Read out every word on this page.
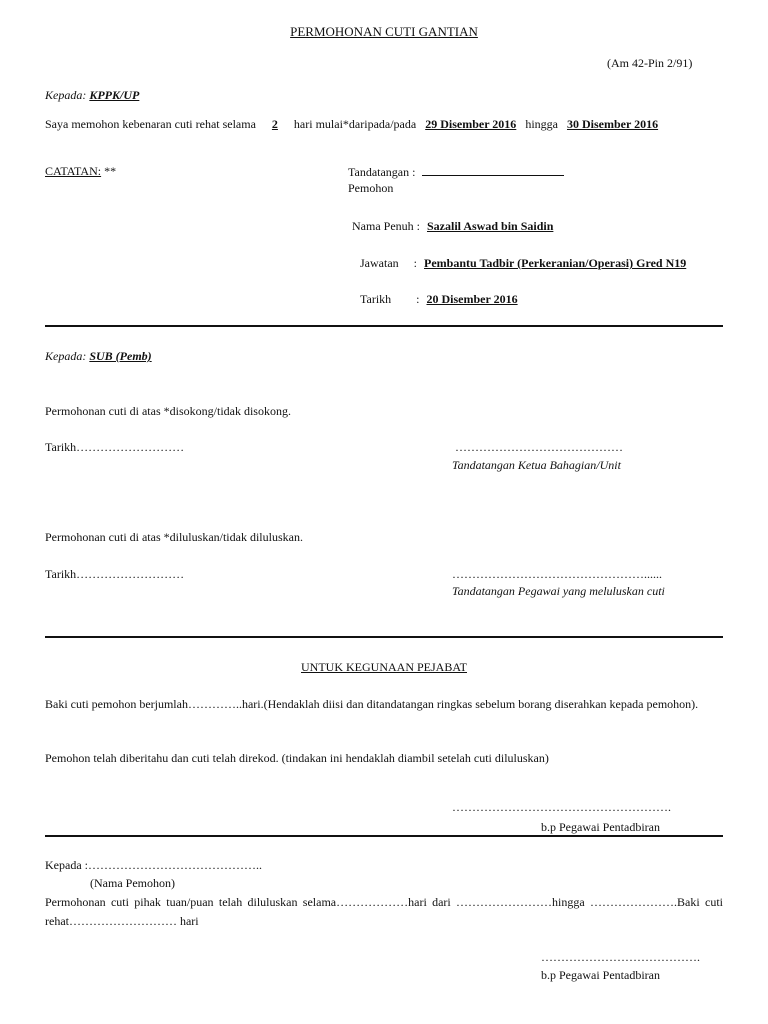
PERMOHONAN CUTI GANTIAN
(Am 42-Pin 2/91)
Kepada: KPPK/UP
Saya memohon kebenaran cuti rehat selama 2 hari mulai*daripada/pada 29 Disember 2016 hingga 30 Disember 2016
CATATAN: **	Tandatangan :
Pemohon
Nama Penuh : Sazalil Aswad bin Saidin
Jawatan : Pembantu Tadbir (Perkeranian/Operasi) Gred N19
Tarikh : 20 Disember 2016
Kepada: SUB (Pemb)
Permohonan cuti di atas *disokong/tidak disokong.
Tarikh………………………	……………………………………
Tandatangan Ketua Bahagian/Unit
Permohonan cuti di atas *diluluskan/tidak diluluskan.
Tarikh………………………	…………………………………………......
Tandatangan Pegawai yang meluluskan cuti
UNTUK KEGUNAAN PEJABAT
Baki cuti pemohon berjumlah…………..hari.(Hendaklah diisi dan ditandatangan ringkas sebelum borang diserahkan kepada pemohon).
Pemohon telah diberitahu dan cuti telah direkod. (tindakan ini hendaklah diambil setelah cuti diluluskan)
……………………………………………….
b.p Pegawai Pentadbiran
Kepada :……………………………………..
(Nama Pemohon)
Permohonan cuti pihak tuan/puan telah diluluskan selama………………hari dari ……………………hingga ………………….Baki cuti rehat……………………… hari
………………………………….
b.p Pegawai Pentadbiran
